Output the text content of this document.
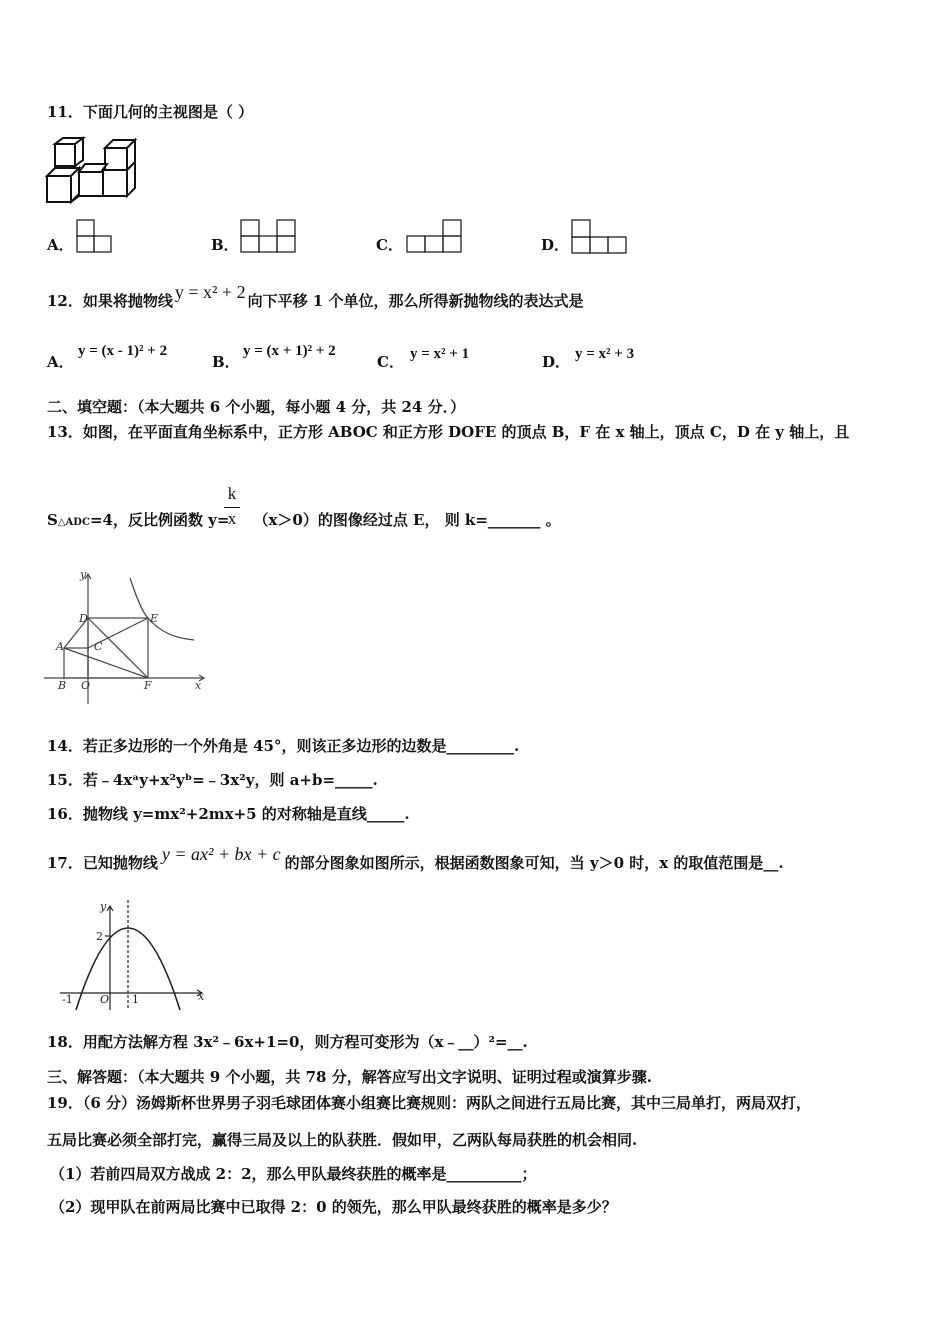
11．下面几何的主视图是（ ）
A．	B．	C．	D．
12．如果将抛物线 y = x² + 2 向下平移 1 个单位，那么所得新抛物线的表达式是
A．
y = (x - 1)² + 2
B．
y = (x + 1)² + 2
C． y = x² + 1	D． y = x² + 3
二、填空题：（本大题共 6 个小题，每小题 4 分，共 24 分．）
13．如图，在平面直角坐标系中，正方形 ABOC 和正方形 DOFE 的顶点 B，F 在 x 轴上，顶点 C，D 在 y 轴上，且
k
x
S△ADC=4，反比例函数 y= （x＞0）的图像经过点 E， 则 k=_______ 。
y
D	E
A	C
B O	F	x
14．若正多边形的一个外角是 45°，则该正多边形的边数是_________.
15．若﹣4xᵃy+x²yᵇ=﹣3x²y，则 a+b=_____.
16．抛物线 y=mx²+2mx+5 的对称轴是直线_____.
17．已知抛物线 y = ax² + bx + c 的部分图象如图所示，根据函数图象可知，当 y＞0 时，x 的取值范围是__.
y
2
-1 O 1	x
18．用配方法解方程 3x²﹣6x+1=0，则方程可变形为（x﹣__）²=__.
三、解答题：（本大题共 9 个小题，共 78 分，解答应写出文字说明、证明过程或演算步骤.
19．（6 分）汤姆斯杯世界男子羽毛球团体赛小组赛比赛规则：两队之间进行五局比赛，其中三局单打，两局双打，
五局比赛必须全部打完，赢得三局及以上的队获胜．假如甲，乙两队每局获胜的机会相同.
（1）若前四局双方战成 2：2，那么甲队最终获胜的概率是__________；
（2）现甲队在前两局比赛中已取得 2：0 的领先，那么甲队最终获胜的概率是多少？
